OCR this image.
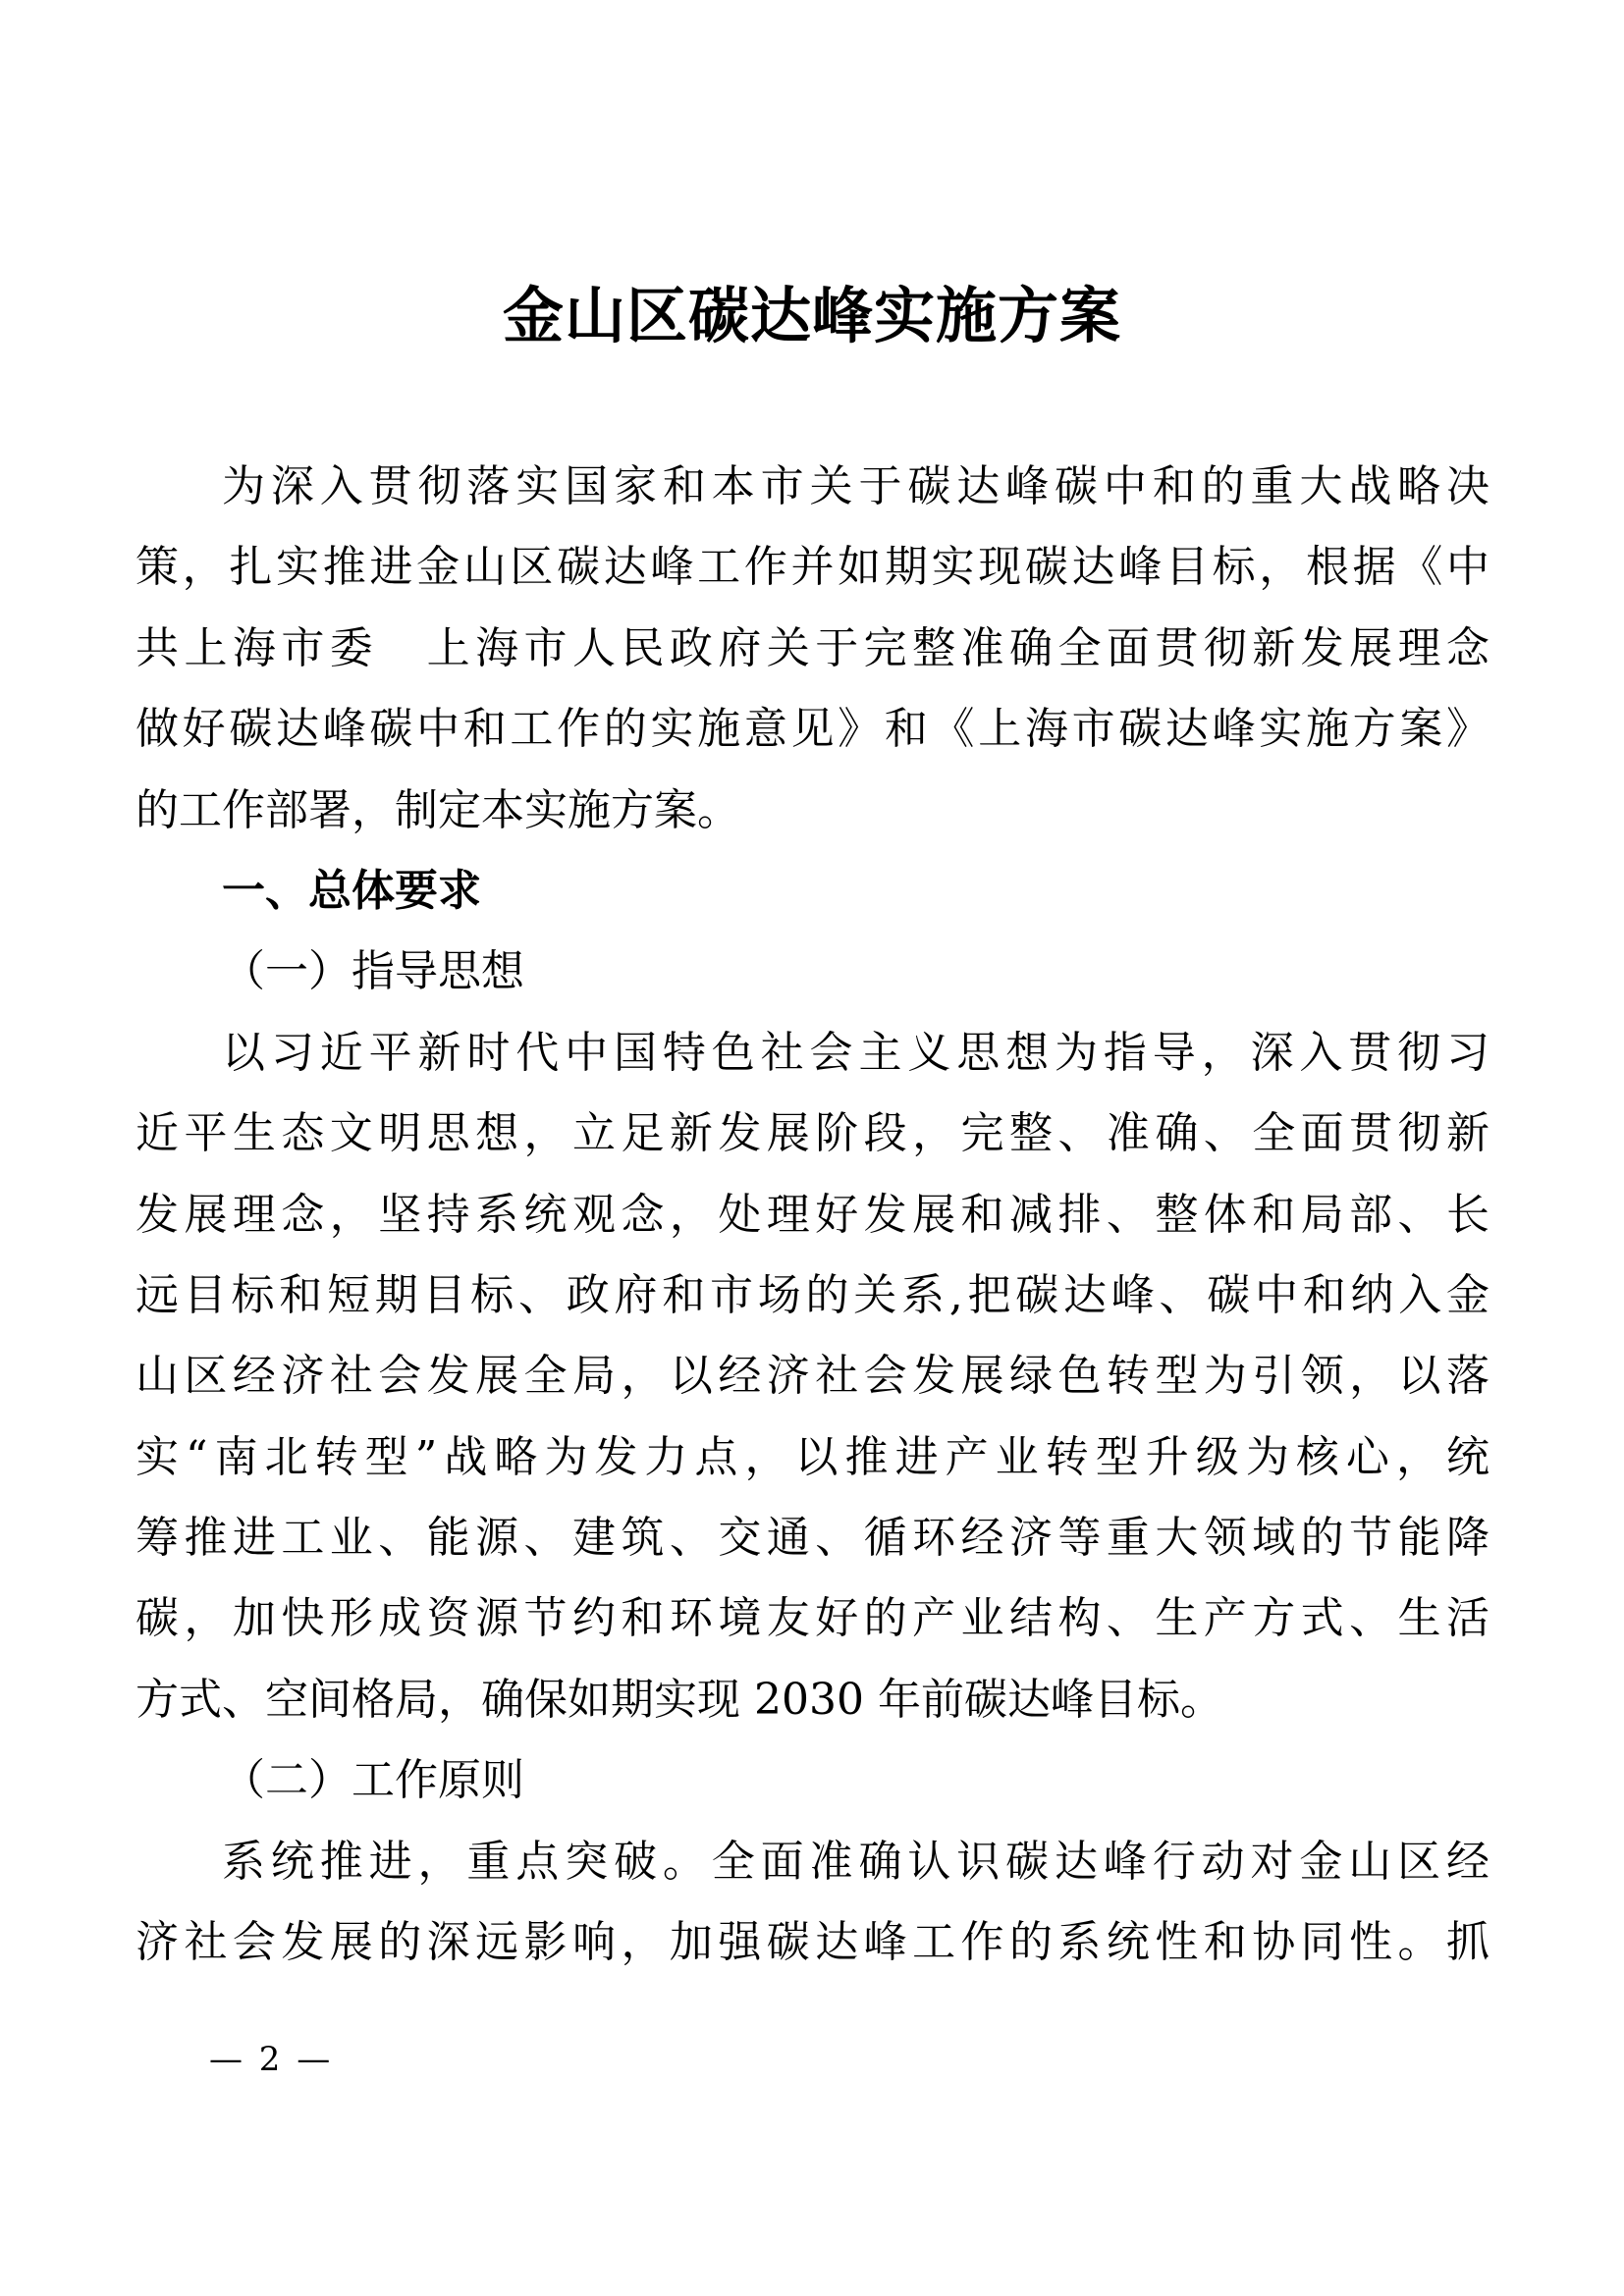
金山区碳达峰实施方案
为深入贯彻落实国家和本市关于碳达峰碳中和的重大战略决
策，扎实推进金山区碳达峰工作并如期实现碳达峰目标，根据《中
共上海市委　上海市人民政府关于完整准确全面贯彻新发展理念
做好碳达峰碳中和工作的实施意见》和《上海市碳达峰实施方案》
的工作部署，制定本实施方案。
一、总体要求
（一）指导思想
以习近平新时代中国特色社会主义思想为指导，深入贯彻习
近平生态文明思想，立足新发展阶段，完整、准确、全面贯彻新
发展理念，坚持系统观念，处理好发展和减排、整体和局部、长
远目标和短期目标、政府和市场的关系,把碳达峰、碳中和纳入金
山区经济社会发展全局，以经济社会发展绿色转型为引领，以落
实“南北转型”战略为发力点，以推进产业转型升级为核心，统
筹推进工业、能源、建筑、交通、循环经济等重大领域的节能降
碳，加快形成资源节约和环境友好的产业结构、生产方式、生活
方式、空间格局，确保如期实现 2030 年前碳达峰目标。
（二）工作原则
系统推进，重点突破。全面准确认识碳达峰行动对金山区经
济社会发展的深远影响，加强碳达峰工作的系统性和协同性。抓
— 2 —
